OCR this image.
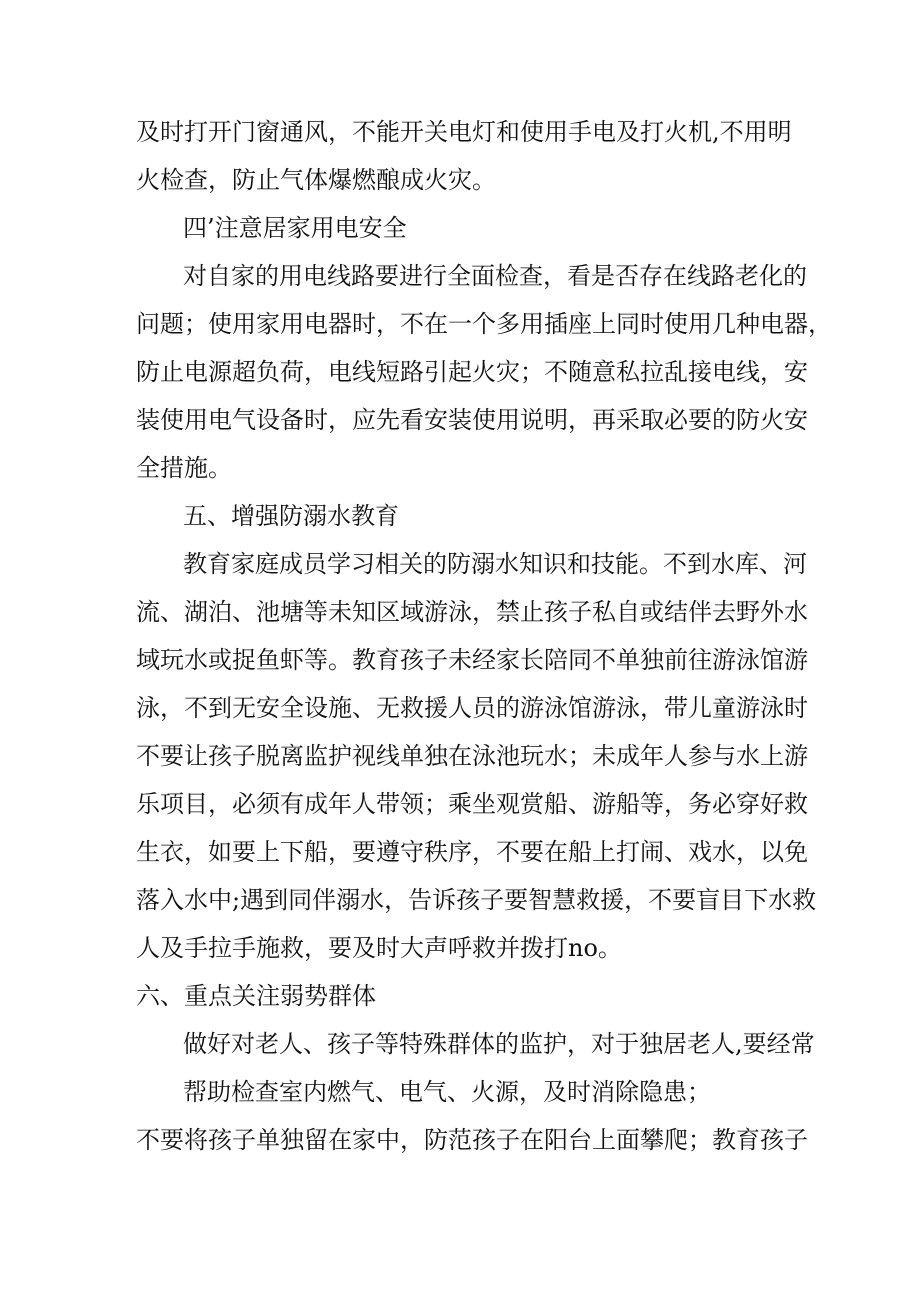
及时打开门窗通风，不能开关电灯和使用手电及打火机,不用明
火检查，防止气体爆燃酿成火灾。
四’注意居家用电安全
对自家的用电线路要进行全面检查，看是否存在线路老化的
问题；使用家用电器时，不在一个多用插座上同时使用几种电器，
防止电源超负荷，电线短路引起火灾；不随意私拉乱接电线，安
装使用电气设备时，应先看安装使用说明，再采取必要的防火安
全措施。
五、增强防溺水教育
教育家庭成员学习相关的防溺水知识和技能。不到水库、河
流、湖泊、池塘等未知区域游泳，禁止孩子私自或结伴去野外水
域玩水或捉鱼虾等。教育孩子未经家长陪同不单独前往游泳馆游
泳，不到无安全设施、无救援人员的游泳馆游泳，带儿童游泳时
不要让孩子脱离监护视线单独在泳池玩水；未成年人参与水上游
乐项目，必须有成年人带领；乘坐观赏船、游船等，务必穿好救
生衣，如要上下船，要遵守秩序，不要在船上打闹、戏水，以免
落入水中;遇到同伴溺水，告诉孩子要智慧救援，不要盲目下水救
人及手拉手施救，要及时大声呼救并拨打no。
六、重点关注弱势群体
做好对老人、孩子等特殊群体的监护，对于独居老人,要经常
帮助检查室内燃气、电气、火源，及时消除隐患；
不要将孩子单独留在家中，防范孩子在阳台上面攀爬；教育孩子
